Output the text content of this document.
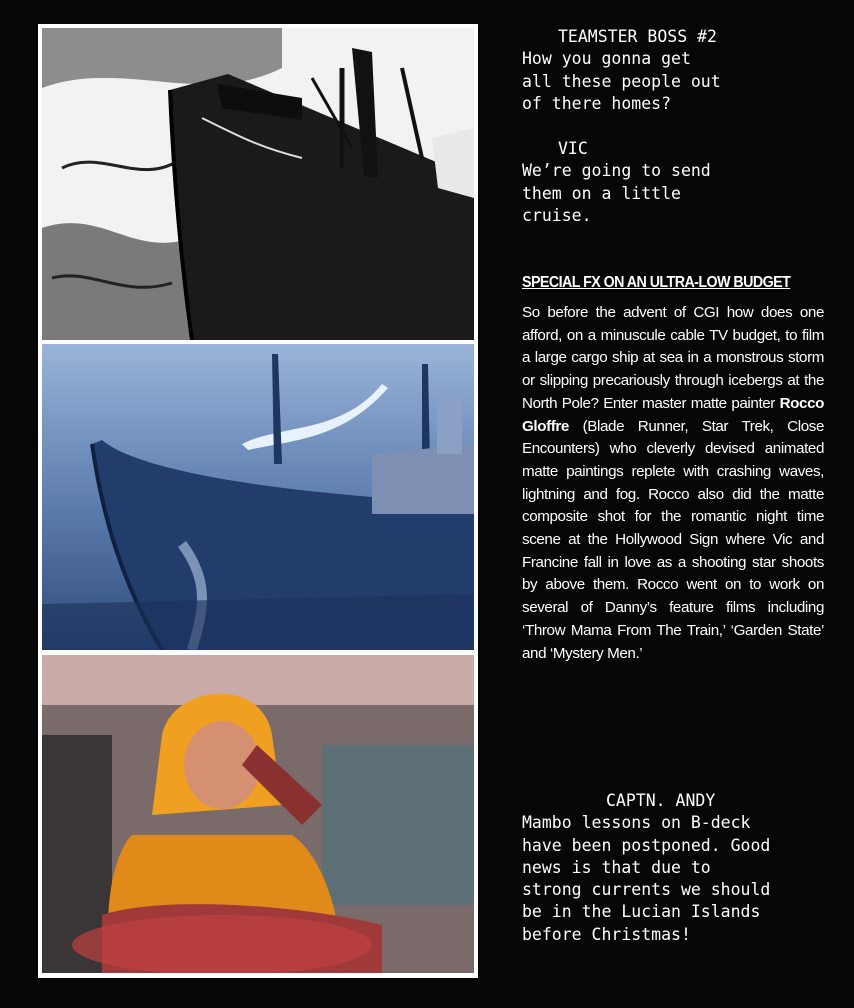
TEAMSTER BOSS #2
How you gonna get
all these people out
of there homes?
VIC
We’re going to send
them on a little
cruise.
SPECIAL FX ON AN ULTRA-LOW BUDGET

So before the advent of CGI how does one afford, on a minuscule cable TV budget, to film a large cargo ship at sea in a monstrous storm or slipping precariously through icebergs at the North Pole? Enter master matte painter Rocco Gloffre (Blade Runner, Star Trek, Close Encounters) who cleverly devised animated matte paintings replete with crashing waves, lightning and fog. Rocco also did the matte composite shot for the romantic night time scene at the Hollywood Sign where Vic and Francine fall in love as a shooting star shoots by above them. Rocco went on to work on several of Danny’s feature films including ‘Throw Mama From The Train,’ ‘Garden State’ and ‘Mystery Men.’

CAPTN. ANDY
Mambo lessons on B-deck
have been postponed. Good
news is that due to
strong currents we should
be in the Lucian Islands
before Christmas!
